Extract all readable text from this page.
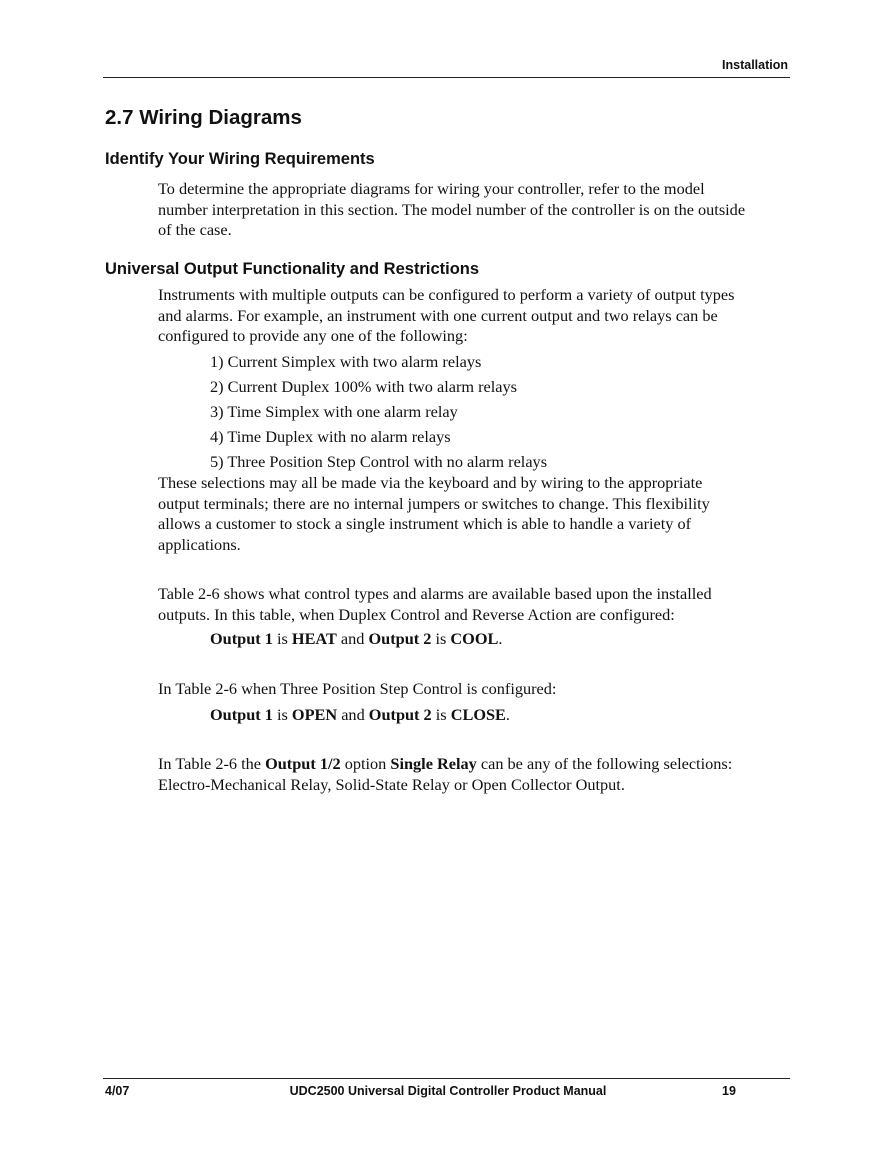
Installation
2.7 Wiring Diagrams
Identify Your Wiring Requirements

To determine the appropriate diagrams for wiring your controller, refer to the model number interpretation in this section. The model number of the controller is on the outside of the case.

Universal Output Functionality and Restrictions
Instruments with multiple outputs can be configured to perform a variety of output types
and alarms. For example, an instrument with one current output and two relays can be
configured to provide any one of the following:
1) Current Simplex with two alarm relays
2) Current Duplex 100% with two alarm relays
3) Time Simplex with one alarm relay
4) Time Duplex with no alarm relays
5) Three Position Step Control with no alarm relays
These selections may all be made via the keyboard and by wiring to the appropriate
output terminals; there are no internal jumpers or switches to change. This flexibility
allows a customer to stock a single instrument which is able to handle a variety of
applications.
Table 2-6 shows what control types and alarms are available based upon the installed
outputs. In this table, when Duplex Control and Reverse Action are configured:

Output 1 is HEAT and Output 2 is COOL.

In Table 2-6 when Three Position Step Control is configured:

Output 1 is OPEN and Output 2 is CLOSE.

In Table 2-6 the Output 1/2 option Single Relay can be any of the following selections:
Electro-Mechanical Relay, Solid-State Relay or Open Collector Output.
4/07	UDC2500 Universal Digital Controller Product Manual	19
